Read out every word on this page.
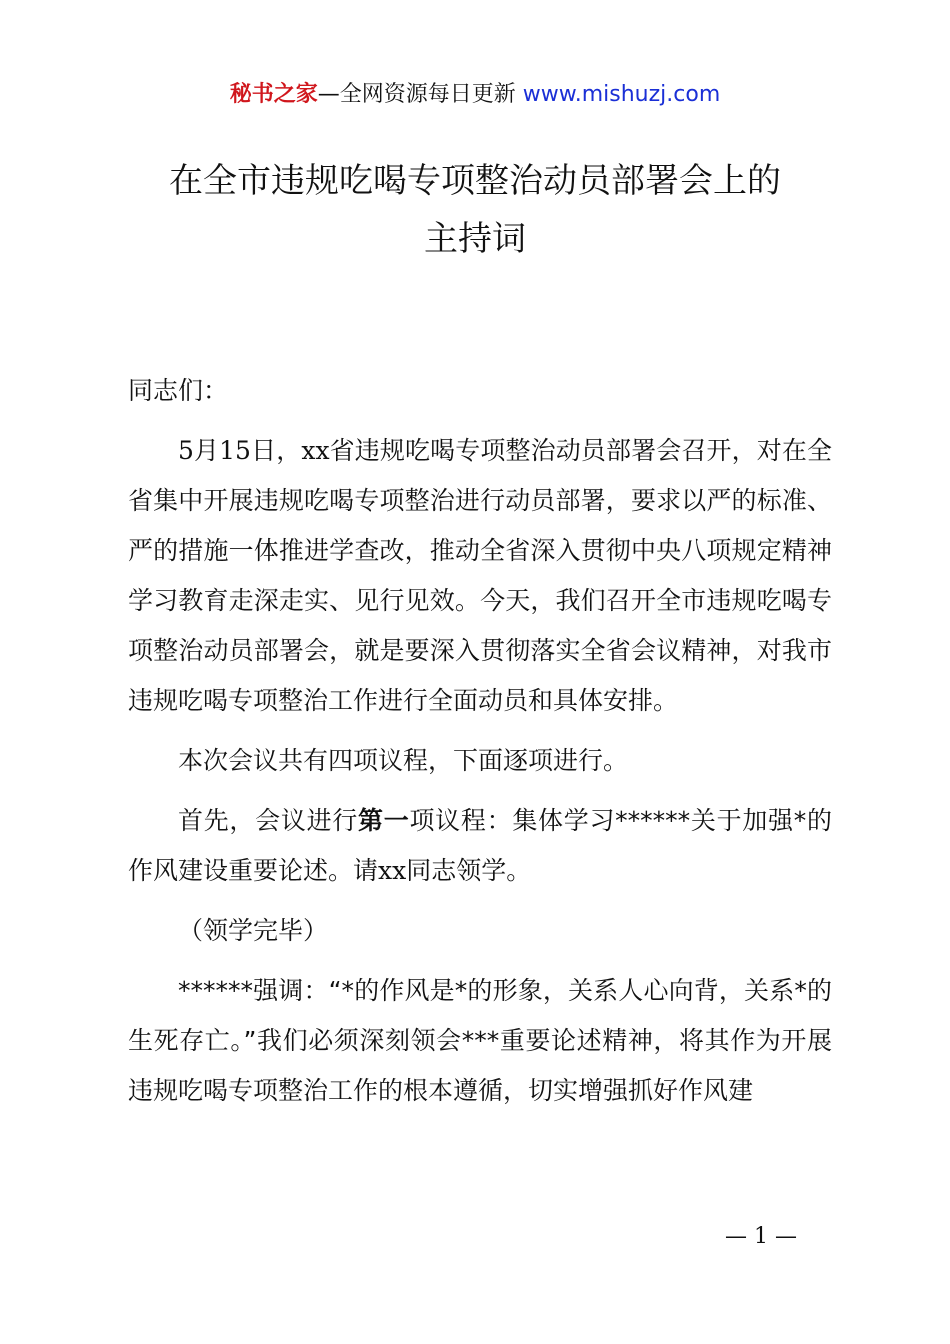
秘书之家—全网资源每日更新 www.mishuzj.com
在全市违规吃喝专项整治动员部署会上的
主持词

同志们：

5月15日，xx省违规吃喝专项整治动员部署会召开，对在全省集中开展违规吃喝专项整治进行动员部署，要求以严的标准、严的措施一体推进学查改，推动全省深入贯彻中央八项规定精神学习教育走深走实、见行见效。今天，我们召开全市违规吃喝专项整治动员部署会，就是要深入贯彻落实全省会议精神，对我市违规吃喝专项整治工作进行全面动员和具体安排。

本次会议共有四项议程，下面逐项进行。

首先，会议进行第一项议程：集体学习******关于加强*的作风建设重要论述。请xx同志领学。

（领学完毕）

******强调：“*的作风是*的形象，关系人心向背，关系*的生死存亡。”我们必须深刻领会***重要论述精神，将其作为开展违规吃喝专项整治工作的根本遵循，切实增强抓好作风建

— 1 —
